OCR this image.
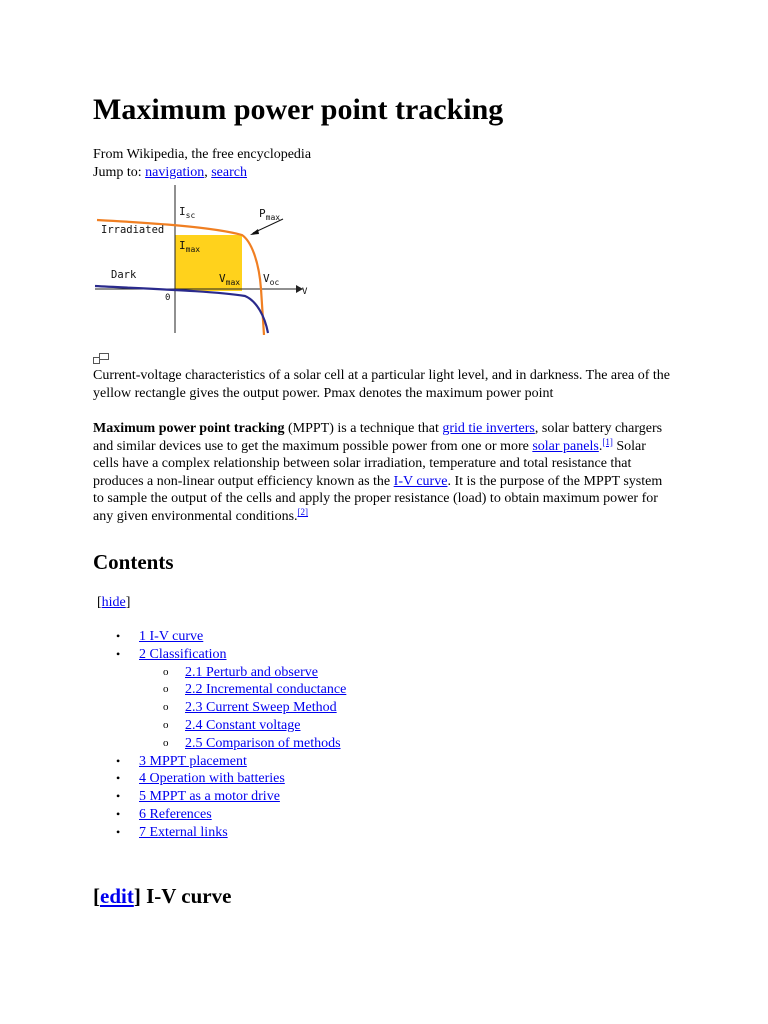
Maximum power point tracking
From Wikipedia, the free encyclopedia
Jump to: navigation, search
$I_{sc}$	$P_{max}$
Irradiated
$I_{max}$
Dark	$V_{max}$ $V_{oc}$
V
0
Current-voltage characteristics of a solar cell at a particular light level, and in darkness. The area of the yellow rectangle gives the output power. Pmax denotes the maximum power point
Maximum power point tracking (MPPT) is a technique that grid tie inverters, solar battery chargers and similar devices use to get the maximum possible power from one or more solar panels.[1] Solar cells have a complex relationship between solar irradiation, temperature and total resistance that produces a non-linear output efficiency known as the I-V curve. It is the purpose of the MPPT system to sample the output of the cells and apply the proper resistance (load) to obtain maximum power for any given environmental conditions.[2]
Contents
[hide]
• 1 I-V curve
• 2 Classification
o 2.1 Perturb and observe
o 2.2 Incremental conductance
o 2.3 Current Sweep Method
o 2.4 Constant voltage
o 2.5 Comparison of methods
• 3 MPPT placement
• 4 Operation with batteries
• 5 MPPT as a motor drive
• 6 References
• 7 External links
[edit] I-V curve
